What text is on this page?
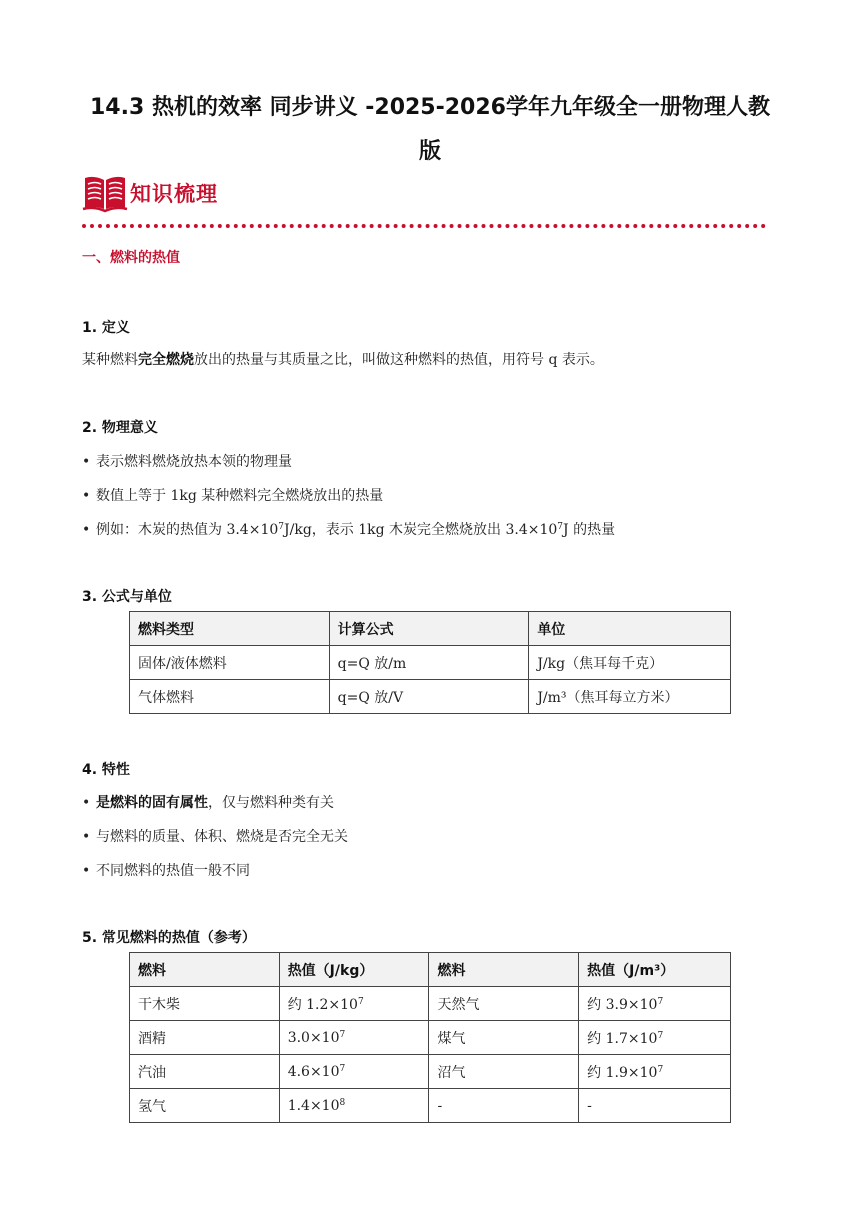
14.3 热机的效率 同步讲义 -2025-2026学年九年级全一册物理人教
版
知识梳理
一、燃料的热值
1. 定义
某种燃料完全燃烧放出的热量与其质量之比，叫做这种燃料的热值，用符号 q 表示。
2. 物理意义
• 表示燃料燃烧放热本领的物理量
• 数值上等于 1kg 某种燃料完全燃烧放出的热量
• 例如：木炭的热值为 $3.4\times 10^7J/kg$，表示 1kg 木炭完全燃烧放出 $3.4\times 10^7J$ 的热量
3. 公式与单位
燃料类型	计算公式	单位
固体/液体燃料	q=Q 放/m	J/kg（焦耳每千克）
气体燃料	q=Q 放/V	J/m³（焦耳每立方米）
4. 特性
• 是燃料的固有属性，仅与燃料种类有关
• 与燃料的质量、体积、燃烧是否完全无关
• 不同燃料的热值一般不同
5. 常见燃料的热值（参考）
燃料	热值（J/kg）	燃料	热值（J/m³）
干木柴	约 $1.2\times 10^7$	天然气	约 $3.9\times 10^7$
酒精	$3.0\times 10^7$	煤气	约 $1.7\times 10^7$
汽油	$4.6\times 10^7$	沼气	约 $1.9\times 10^7$
氢气	$1.4\times 10^8$	-	-
